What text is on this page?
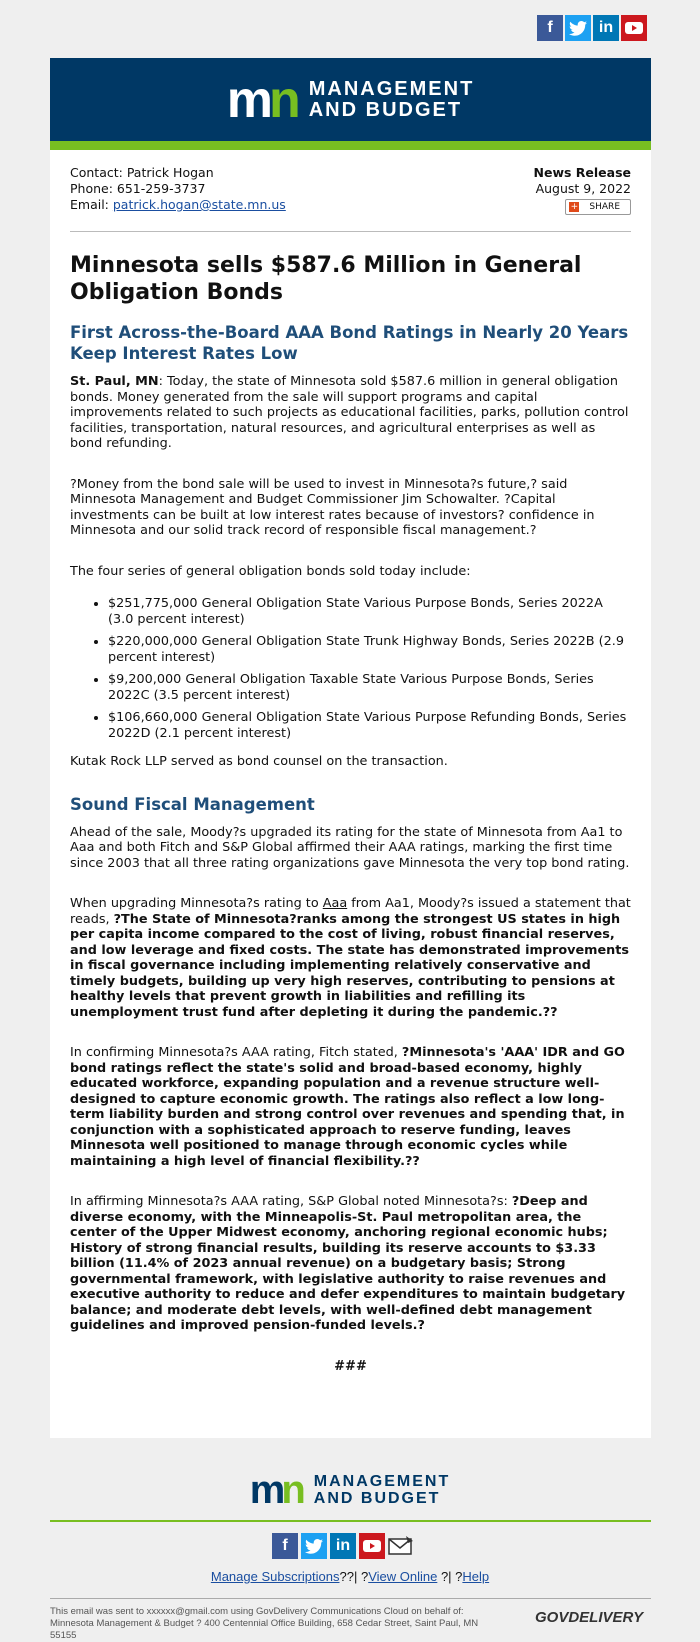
f	in
mn MANAGEMENT
AND BUDGET
Contact: Patrick Hogan
Phone: 651-259-3737
Email: patrick.hogan@state.mn.us
News Release
August 9, 2022
+ SHARE
Minnesota sells $587.6 Million in General Obligation Bonds
First Across-the-Board AAA Bond Ratings in Nearly 20 Years Keep Interest Rates Low

St. Paul, MN: Today, the state of Minnesota sold $587.6 million in general obligation bonds. Money generated from the sale will support programs and capital improvements related to such projects as educational facilities, parks, pollution control facilities, transportation, natural resources, and agricultural enterprises as well as bond refunding.

?Money from the bond sale will be used to invest in Minnesota?s future,? said Minnesota Management and Budget Commissioner Jim Schowalter. ?Capital investments can be built at low interest rates because of investors? confidence in Minnesota and our solid track record of responsible fiscal management.?

The four series of general obligation bonds sold today include:

• $251,775,000 General Obligation State Various Purpose Bonds, Series 2022A (3.0 percent interest)
• $220,000,000 General Obligation State Trunk Highway Bonds, Series 2022B (2.9 percent interest)
• $9,200,000 General Obligation Taxable State Various Purpose Bonds, Series 2022C (3.5 percent interest)
• $106,660,000 General Obligation State Various Purpose Refunding Bonds, Series 2022D (2.1 percent interest)

Kutak Rock LLP served as bond counsel on the transaction.

Sound Fiscal Management

Ahead of the sale, Moody?s upgraded its rating for the state of Minnesota from Aa1 to Aaa and both Fitch and S&P Global affirmed their AAA ratings, marking the first time since 2003 that all three rating organizations gave Minnesota the very top bond rating.

When upgrading Minnesota?s rating to Aaa from Aa1, Moody?s issued a statement that reads, ?The State of Minnesota?ranks among the strongest US states in high per capita income compared to the cost of living, robust financial reserves, and low leverage and fixed costs. The state has demonstrated improvements in fiscal governance including implementing relatively conservative and timely budgets, building up very high reserves, contributing to pensions at healthy levels that prevent growth in liabilities and refilling its unemployment trust fund after depleting it during the pandemic.??

In confirming Minnesota?s AAA rating, Fitch stated, ?Minnesota's 'AAA' IDR and GO bond ratings reflect the state's solid and broad-based economy, highly educated workforce, expanding population and a revenue structure well-designed to capture economic growth. The ratings also reflect a low long-term liability burden and strong control over revenues and spending that, in conjunction with a sophisticated approach to reserve funding, leaves Minnesota well positioned to manage through economic cycles while maintaining a high level of financial flexibility.??

In affirming Minnesota?s AAA rating, S&P Global noted Minnesota?s: ?Deep and diverse economy, with the Minneapolis-St. Paul metropolitan area, the center of the Upper Midwest economy, anchoring regional economic hubs; History of strong financial results, building its reserve accounts to $3.33 billion (11.4% of 2023 annual revenue) on a budgetary basis; Strong governmental framework, with legislative authority to raise revenues and executive authority to reduce and defer expenditures to maintain budgetary balance; and moderate debt levels, with well-defined debt management guidelines and improved pension-funded levels.?

###
mn MANAGEMENT
AND BUDGET
f	in
Manage Subscriptions??| ?View Online ?| ?Help
This email was sent to xxxxxx@gmail.com using GovDelivery Communications Cloud on behalf of: Minnesota Management & Budget ? 400 Centennial Office Building, 658 Cedar Street, Saint Paul, MN 55155
GOVDELIVERY
